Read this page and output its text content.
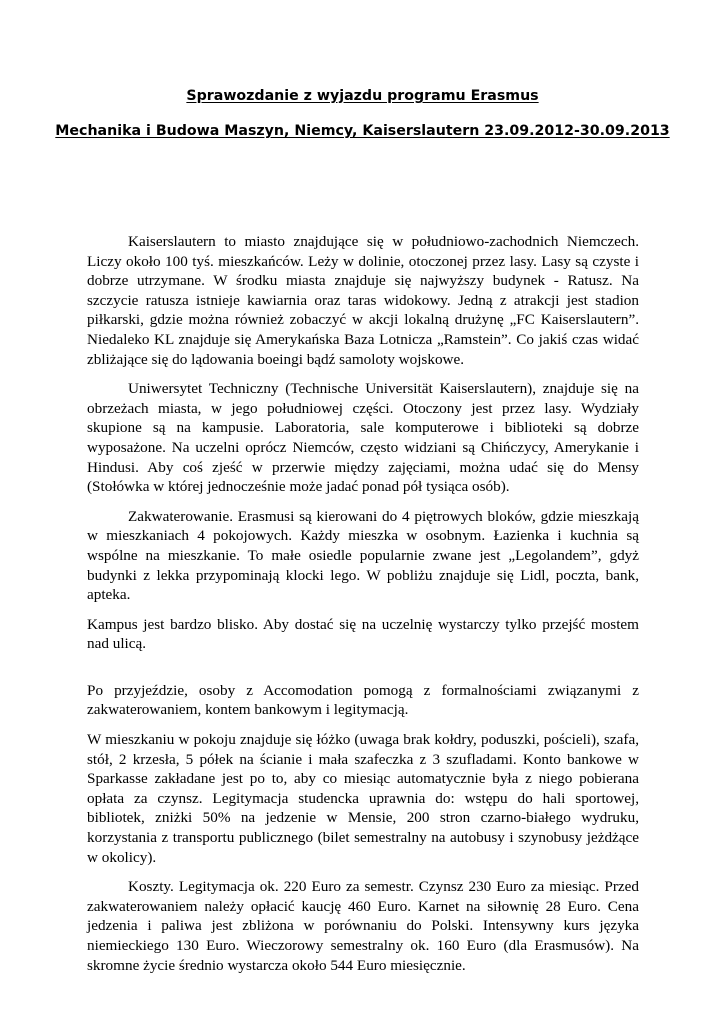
Sprawozdanie z wyjazdu programu Erasmus
Mechanika i Budowa Maszyn, Niemcy, Kaiserslautern 23.09.2012-30.09.2013

Kaiserslautern to miasto znajdujące się w południowo-zachodnich Niemczech. Liczy około 100 tyś. mieszkańców. Leży w dolinie, otoczonej przez lasy. Lasy są czyste i dobrze utrzymane. W środku miasta znajduje się najwyższy budynek - Ratusz. Na szczycie ratusza istnieje kawiarnia oraz taras widokowy. Jedną z atrakcji jest stadion piłkarski, gdzie można również zobaczyć w akcji lokalną drużynę „FC Kaiserslautern”. Niedaleko KL znajduje się Amerykańska Baza Lotnicza „Ramstein”. Co jakiś czas widać zbliżające się do lądowania boeingi bądź samoloty wojskowe.

Uniwersytet Techniczny (Technische Universität Kaiserslautern), znajduje się na obrzeżach miasta, w jego południowej części. Otoczony jest przez lasy. Wydziały skupione są na kampusie. Laboratoria, sale komputerowe i biblioteki są dobrze wyposażone. Na uczelni oprócz Niemców, często widziani są Chińczycy, Amerykanie i Hindusi. Aby coś zjeść w przerwie między zajęciami, można udać się do Mensy (Stołówka w której jednocześnie może jadać ponad pół tysiąca osób).

Zakwaterowanie. Erasmusi są kierowani do 4 piętrowych bloków, gdzie mieszkają w mieszkaniach 4 pokojowych. Każdy mieszka w osobnym. Łazienka i kuchnia są wspólne na mieszkanie. To małe osiedle popularnie zwane jest „Legolandem”, gdyż budynki z lekka przypominają klocki lego. W pobliżu znajduje się Lidl, poczta, bank, apteka.

Kampus jest bardzo blisko. Aby dostać się na uczelnię wystarczy tylko przejść mostem nad ulicą.

Po przyjeździe, osoby z Accomodation pomogą z formalnościami związanymi z zakwaterowaniem, kontem bankowym i legitymacją.

W mieszkaniu w pokoju znajduje się łóżko (uwaga brak kołdry, poduszki, pościeli), szafa, stół, 2 krzesła, 5 półek na ścianie i mała szafeczka z 3 szufladami. Konto bankowe w Sparkasse zakładane jest po to, aby co miesiąc automatycznie była z niego pobierana opłata za czynsz. Legitymacja studencka uprawnia do: wstępu do hali sportowej, bibliotek, zniżki 50% na jedzenie w Mensie, 200 stron czarno-białego wydruku, korzystania z transportu publicznego (bilet semestralny na autobusy i szynobusy jeżdżące w okolicy).

Koszty. Legitymacja ok. 220 Euro za semestr. Czynsz 230 Euro za miesiąc. Przed zakwaterowaniem należy opłacić kaucję 460 Euro. Karnet na siłownię 28 Euro. Cena jedzenia i paliwa jest zbliżona w porównaniu do Polski. Intensywny kurs języka niemieckiego 130 Euro. Wieczorowy semestralny ok. 160 Euro (dla Erasmusów). Na skromne życie średnio wystarcza około 544 Euro miesięcznie.
